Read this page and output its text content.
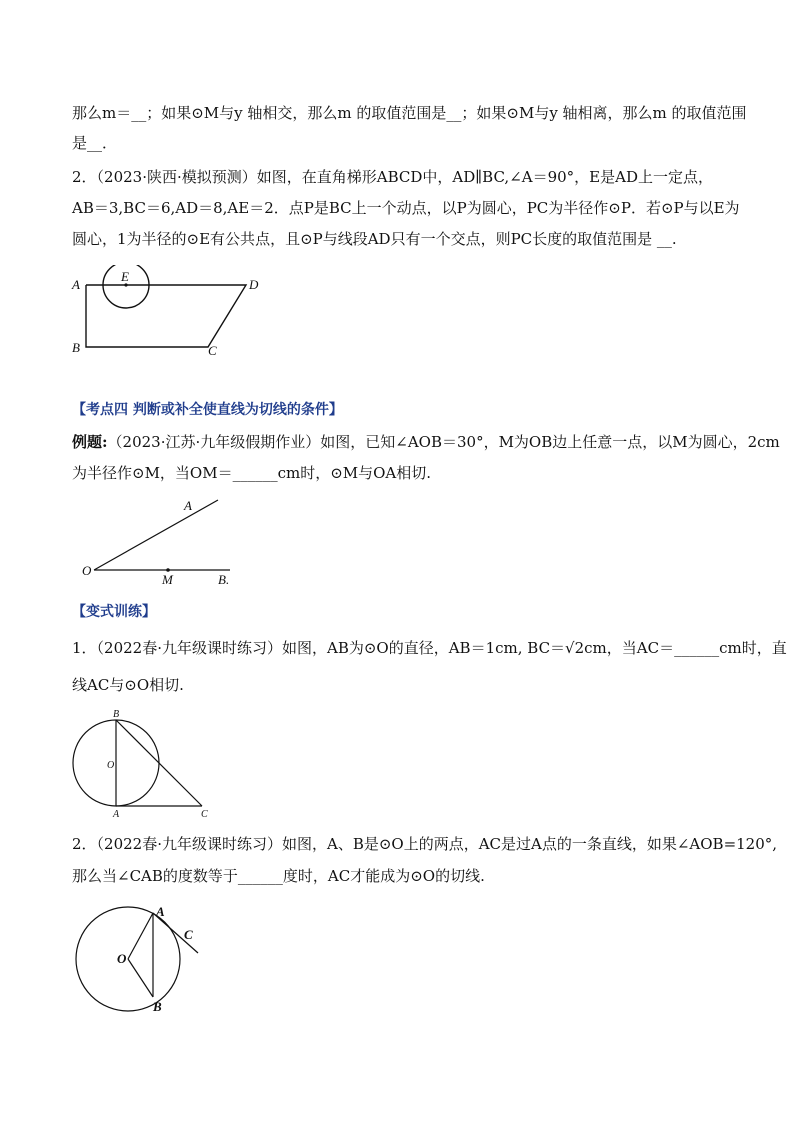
那么m＝__；如果⊙M与y 轴相交，那么m 的取值范围是__；如果⊙M与y 轴相离，那么m 的取值范围
是__．
2．（2023·陕西·模拟预测）如图，在直角梯形ABCD中，AD∥BC,∠A＝90°，E是AD上一定点，
AB＝3,BC＝6,AD＝8,AE＝2．点P是BC上一个动点，以P为圆心，PC为半径作⊙P．若⊙P与以E为
圆心，1为半径的⊙E有公共点，且⊙P与线段AD只有一个交点，则PC长度的取值范围是 __.
A
B	C
D
E
【考点四 判断或补全使直线为切线的条件】
例题:（2023·江苏·九年级假期作业）如图，已知∠AOB＝30°，M为OB边上任意一点，以M为圆心，2cm
为半径作⊙M，当OM＝______cm时，⊙M与OA相切.
O
A
M	B.
【变式训练】
1．（2022春·九年级课时练习）如图，AB为⊙O的直径，AB＝1cm, BC＝√2cm，当AC＝______cm时，直
线AC与⊙O相切.
B
O
A	C
2．（2022春·九年级课时练习）如图，A、B是⊙O上的两点，AC是过A点的一条直线，如果∠AOB=120°,
那么当∠CAB的度数等于______度时，AC才能成为⊙O的切线.
A
C
O
B
